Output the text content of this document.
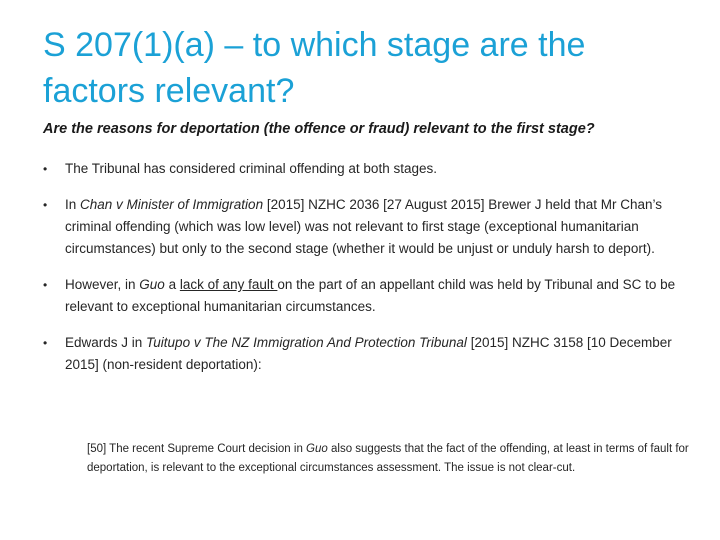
S 207(1)(a) – to which stage are the factors relevant?

Are the reasons for deportation (the offence or fraud) relevant to the first stage?

• The Tribunal has considered criminal offending at both stages.
• In Chan v Minister of Immigration [2015] NZHC 2036 [27 August 2015] Brewer J held that Mr Chan’s criminal offending (which was low level) was not relevant to first stage (exceptional humanitarian circumstances) but only to the second stage (whether it would be unjust or unduly harsh to deport).
• However, in Guo a lack of any fault on the part of an appellant child was held by Tribunal and SC to be relevant to exceptional humanitarian circumstances.
• Edwards J in Tuitupo v The NZ Immigration And Protection Tribunal [2015] NZHC 3158 [10 December 2015] (non-resident deportation):

[50] The recent Supreme Court decision in Guo also suggests that the fact of the offending, at least in terms of fault for deportation, is relevant to the exceptional circumstances assessment. The issue is not clear-cut.
